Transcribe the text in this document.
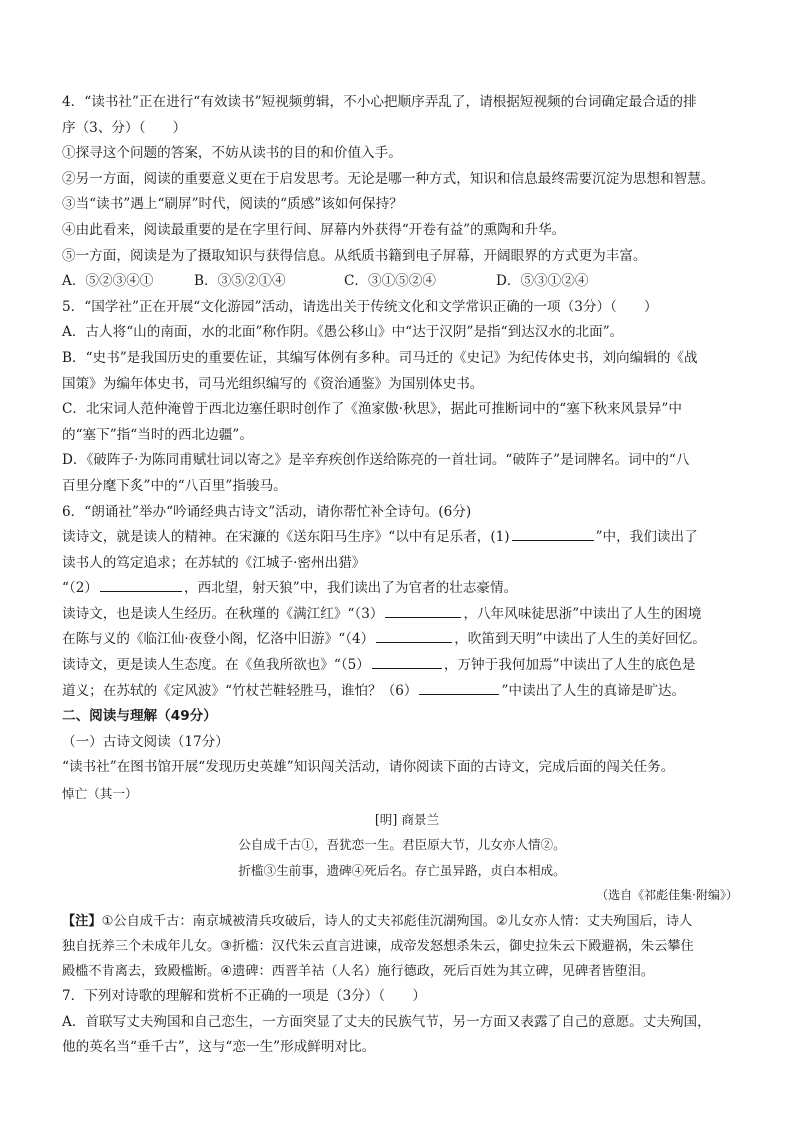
4．“读书社”正在进行“有效读书”短视频剪辑，不小心把顺序弄乱了，请根据短视频的台词确定最合适的排
序（3、分）（　　）
①探寻这个问题的答案，不妨从读书的目的和价值入手。
②另一方面，阅读的重要意义更在于启发思考。无论是哪一种方式，知识和信息最终需要沉淀为思想和智慧。
③当“读书”遇上“刷屏”时代，阅读的“质感”该如何保持？
④由此看来，阅读最重要的是在字里行间、屏幕内外获得“开卷有益”的熏陶和升华。
⑤一方面，阅读是为了摄取知识与获得信息。从纸质书籍到电子屏幕，开阔眼界的方式更为丰富。
A．⑤②③④①	B．③⑤②①④	C．③①⑤②④	D．⑤③①②④
5．“国学社”正在开展“文化游园”活动，请选出关于传统文化和文学常识正确的一项（3分）（　　）
A．古人将“山的南面，水的北面”称作阴。《愚公移山》中“达于汉阴”是指“到达汉水的北面”。
B．“史书”是我国历史的重要佐证，其编写体例有多种。司马迁的《史记》为纪传体史书，刘向编辑的《战
国策》为编年体史书，司马光组织编写的《资治通鉴》为国别体史书。
C．北宋词人范仲淹曾于西北边塞任职时创作了《渔家傲·秋思》，据此可推断词中的“塞下秋来风景异”中
的“塞下”指“当时的西北边疆”。
D．《破阵子·为陈同甫赋壮词以寄之》是辛弃疾创作送给陈亮的一首壮词。“破阵子”是词牌名。词中的“八
百里分麾下炙”中的“八百里”指骏马。
6．“朗诵社”举办“吟诵经典古诗文”活动，请你帮忙补全诗句。(6分)
读诗文，就是读人的精神。在宋濂的《送东阳马生序》“以中有足乐者，(1)	”中，我们读出了
读书人的笃定追求；在苏轼的《江城子·密州出猎》
“（2）	，西北望，射天狼”中，我们读出了为官者的壮志豪情。
读诗文，也是读人生经历。在秋瑾的《满江红》“（3）	，八年风味徒思浙”中读出了人生的困境
在陈与义的《临江仙·夜登小阁，忆洛中旧游》“（4）	，吹笛到天明”中读出了人生的美好回忆。
读诗文，更是读人生态度。在《鱼我所欲也》“（5）	，万钟于我何加焉”中读出了人生的底色是
道义；在苏轼的《定风波》“竹杖芒鞋轻胜马，谁怕？（6）	”中读出了人生的真谛是旷达。
二、阅读与理解（49分）
（一）古诗文阅读（17分）
“读书社”在图书馆开展“发现历史英雄”知识闯关活动，请你阅读下面的古诗文，完成后面的闯关任务。
悼亡（其一）
[明] 商景兰
公自成千古①，吾犹恋一生。君臣原大节，儿女亦人情②。
折槛③生前事，遗碑④死后名。存亡虽异路，贞白本相成。
（选自《祁彪佳集·附编》）
【注】①公自成千古：南京城被清兵攻破后，诗人的丈夫祁彪佳沉湖殉国。②儿女亦人情：丈夫殉国后，诗人
独自抚养三个未成年儿女。③折槛：汉代朱云直言进谏，成帝发怒想杀朱云，御史拉朱云下殿避祸，朱云攀住
殿槛不肯离去，致殿槛断。④遗碑：西晋羊祜（人名）施行德政，死后百姓为其立碑，见碑者皆堕泪。
7．下列对诗歌的理解和赏析不正确的一项是（3分）（　　）
A．首联写丈夫殉国和自己恋生，一方面突显了丈夫的民族气节，另一方面又表露了自己的意愿。丈夫殉国，
他的英名当“垂千古”，这与“恋一生”形成鲜明对比。
